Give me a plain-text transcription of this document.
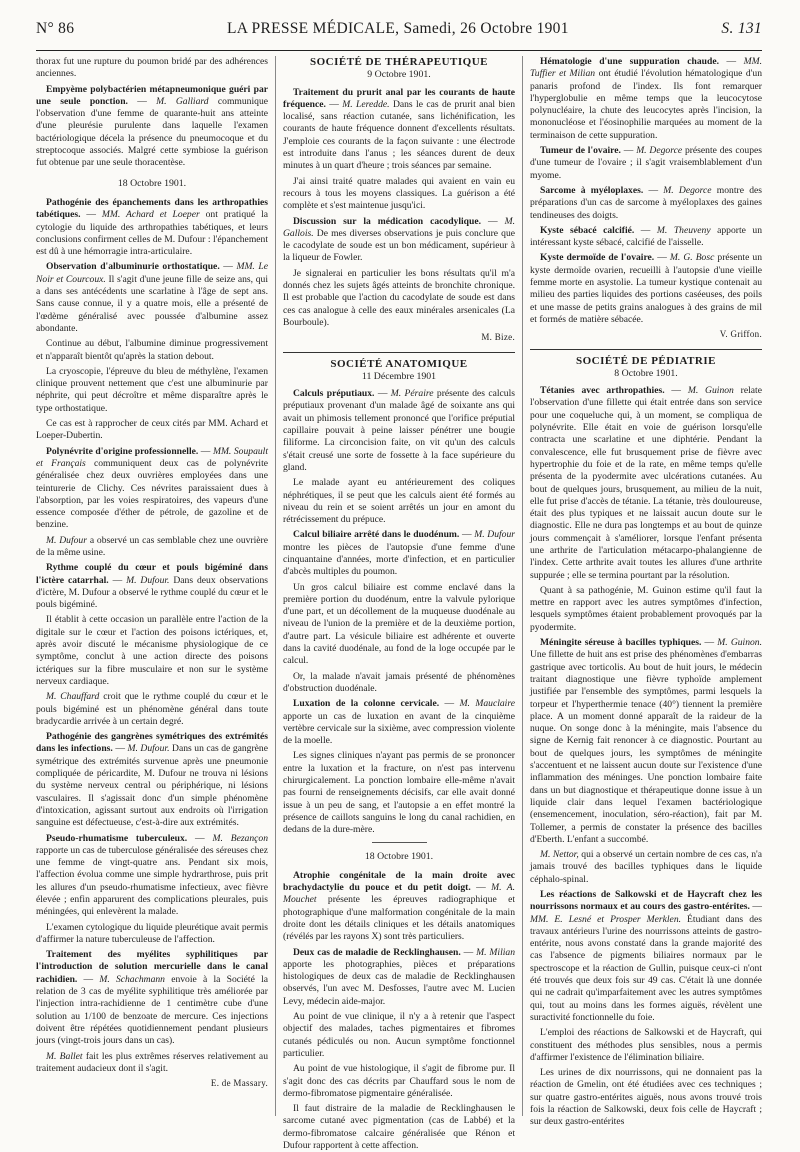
N° 86	LA PRESSE MÉDICALE, Samedi, 26 Octobre 1901	S. 131

thorax fut une rupture du poumon bridé par des adhérences anciennes.

Empyème polybactérien métapneumonique guéri par une seule ponction. — M. Galliard communique l'observation d'une femme de quarante-huit ans atteinte d'une pleurésie purulente dans laquelle l'examen bactériologique décela la présence du pneumocoque et du streptocoque associés. Malgré cette symbiose la guérison fut obtenue par une seule thoracentèse.

18 Octobre 1901.

Pathogénie des épanchements dans les arthropathies tabétiques. — MM. Achard et Loeper ont pratiqué la cytologie du liquide des arthropathies tabétiques, et leurs conclusions confirment celles de M. Dufour : l'épanchement est dû à une hémorragie intra-articulaire.

Observation d'albuminurie orthostatique. — MM. Le Noir et Courcoux. Il s'agit d'une jeune fille de seize ans, qui a dans ses antécédents une scarlatine à l'âge de sept ans. Sans cause connue, il y a quatre mois, elle a présenté de l'œdème généralisé avec poussée d'albumine assez abondante.

Continue au début, l'albumine diminue progressivement et n'apparaît bientôt qu'après la station debout.

La cryoscopie, l'épreuve du bleu de méthylène, l'examen clinique prouvent nettement que c'est une albuminurie par néphrite, qui peut décroître et même disparaître après le type orthostatique.

Ce cas est à rapprocher de ceux cités par MM. Achard et Loeper-Dubertin.

Polynévrite d'origine professionnelle. — MM. Soupault et Français communiquent deux cas de polynévrite généralisée chez deux ouvrières employées dans une teinturerie de Clichy. Ces névrites paraissaient dues à l'absorption, par les voies respiratoires, des vapeurs d'une essence composée d'éther de pétrole, de gazoline et de benzine.

M. Dufour a observé un cas semblable chez une ouvrière de la même usine.

Rythme couplé du cœur et pouls bigéminé dans l'ictère catarrhal. — M. Dufour. Dans deux observations d'ictère, M. Dufour a observé le rythme couplé du cœur et le pouls bigéminé.

Il établit à cette occasion un parallèle entre l'action de la digitale sur le cœur et l'action des poisons ictériques, et, après avoir discuté le mécanisme physiologique de ce symptôme, conclut à une action directe des poisons ictériques sur la fibre musculaire et non sur le système nerveux cardiaque.

M. Chauffard croit que le rythme couplé du cœur et le pouls bigéminé est un phénomène général dans toute bradycardie arrivée à un certain degré.

Pathogénie des gangrènes symétriques des extrémités dans les infections. — M. Dufour. Dans un cas de gangrène symétrique des extrémités survenue après une pneumonie compliquée de péricardite, M. Dufour ne trouva ni lésions du système nerveux central ou périphérique, ni lésions vasculaires. Il s'agissait donc d'un simple phénomène d'intoxication, agissant surtout aux endroits où l'irrigation sanguine est défectueuse, c'est-à-dire aux extrémités.

Pseudo-rhumatisme tuberculeux. — M. Bezançon rapporte un cas de tuberculose généralisée des séreuses chez une femme de vingt-quatre ans. Pendant six mois, l'affection évolua comme une simple hydrarthrose, puis prit les allures d'un pseudo-rhumatisme infectieux, avec fièvre élevée ; enfin apparurent des complications pleurales, puis méningées, qui enlevèrent la malade.

L'examen cytologique du liquide pleurétique avait permis d'affirmer la nature tuberculeuse de l'affection.

Traitement des myélites syphilitiques par l'introduction de solution mercurielle dans le canal rachidien. — M. Schachmann envoie à la Société la relation de 3 cas de myélite syphilitique très améliorée par l'injection intra-rachidienne de 1 centimètre cube d'une solution au 1/100 de benzoate de mercure. Ces injections doivent être répétées quotidiennement pendant plusieurs jours (vingt-trois jours dans un cas).

M. Ballet fait les plus extrêmes réserves relativement au traitement audacieux dont il s'agit.

E. de Massary.
SOCIÉTÉ DE THÉRAPEUTIQUE
9 Octobre 1901.

Traitement du prurit anal par les courants de haute fréquence. — M. Leredde. Dans le cas de prurit anal bien localisé, sans réaction cutanée, sans lichénification, les courants de haute fréquence donnent d'excellents résultats. J'emploie ces courants de la façon suivante : une électrode est introduite dans l'anus ; les séances durent de deux minutes à un quart d'heure ; trois séances par semaine.

J'ai ainsi traité quatre malades qui avaient en vain eu recours à tous les moyens classiques. La guérison a été complète et s'est maintenue jusqu'ici.

Discussion sur la médication cacodylique. — M. Gallois. De mes diverses observations je puis conclure que le cacodylate de soude est un bon médicament, supérieur à la liqueur de Fowler.

Je signalerai en particulier les bons résultats qu'il m'a donnés chez les sujets âgés atteints de bronchite chronique. Il est probable que l'action du cacodylate de soude est dans ces cas analogue à celle des eaux minérales arsenicales (La Bourboule).

M. Bize.
SOCIÉTÉ ANATOMIQUE
11 Décembre 1901

Calculs préputiaux. — M. Péraire présente des calculs préputiaux provenant d'un malade âgé de soixante ans qui avait un phimosis tellement prononcé que l'orifice préputial capillaire pouvait à peine laisser pénétrer une bougie filiforme. La circoncision faite, on vit qu'un des calculs s'était creusé une sorte de fossette à la face supérieure du gland.

Le malade ayant eu antérieurement des coliques néphrétiques, il se peut que les calculs aient été formés au niveau du rein et se soient arrêtés un jour en amont du rétrécissement du prépuce.

Calcul biliaire arrêté dans le duodénum. — M. Dufour montre les pièces de l'autopsie d'une femme d'une cinquantaine d'années, morte d'infection, et en particulier d'abcès multiples du poumon.

Un gros calcul biliaire est comme enclavé dans la première portion du duodénum, entre la valvule pylorique d'une part, et un décollement de la muqueuse duodénale au niveau de l'union de la première et de la deuxième portion, d'autre part. La vésicule biliaire est adhérente et ouverte dans la cavité duodénale, au fond de la loge occupée par le calcul.

Or, la malade n'avait jamais présenté de phénomènes d'obstruction duodénale.

Luxation de la colonne cervicale. — M. Mauclaire apporte un cas de luxation en avant de la cinquième vertèbre cervicale sur la sixième, avec compression violente de la moelle.

Les signes cliniques n'ayant pas permis de se prononcer entre la luxation et la fracture, on n'est pas intervenu chirurgicalement. La ponction lombaire elle-même n'avait pas fourni de renseignements décisifs, car elle avait donné issue à un peu de sang, et l'autopsie a en effet montré la présence de caillots sanguins le long du canal rachidien, en dedans de la dure-mère.

18 Octobre 1901.

Atrophie congénitale de la main droite avec brachydactylie du pouce et du petit doigt. — M. A. Mouchet présente les épreuves radiographique et photographique d'une malformation congénitale de la main droite dont les détails cliniques et les détails anatomiques (révélés par les rayons X) sont très particuliers.

Deux cas de maladie de Recklinghausen. — M. Milian apporte les photographies, pièces et préparations histologiques de deux cas de maladie de Recklinghausen observés, l'un avec M. Desfosses, l'autre avec M. Lucien Levy, médecin aide-major.

Au point de vue clinique, il n'y a à retenir que l'aspect objectif des malades, taches pigmentaires et fibromes cutanés pédiculés ou non. Aucun symptôme fonctionnel particulier.

Au point de vue histologique, il s'agit de fibrome pur. Il s'agit donc des cas décrits par Chauffard sous le nom de dermo-fibromatose pigmentaire généralisée.

Il faut distraire de la maladie de Recklinghausen le sarcome cutané avec pigmentation (cas de Labbé) et la dermo-fibromatose calcaire généralisée que Rénon et Dufour rapportent à cette affection.

Hématologie d'une suppuration chaude. — MM. Tuffier et Milian ont étudié l'évolution hématologique d'un panaris profond de l'index. Ils font remarquer l'hyperglobulie en même temps que la leucocytose polynucléaire, la chute des leucocytes après l'incision, la mononucléose et l'éosinophilie marquées au moment de la terminaison de cette suppuration.

Tumeur de l'ovaire. — M. Degorce présente des coupes d'une tumeur de l'ovaire ; il s'agit vraisemblablement d'un myome.

Sarcome à myéloplaxes. — M. Degorce montre des préparations d'un cas de sarcome à myéloplaxes des gaines tendineuses des doigts.

Kyste sébacé calcifié. — M. Theuveny apporte un intéressant kyste sébacé, calcifié de l'aisselle.

Kyste dermoïde de l'ovaire. — M. G. Bosc présente un kyste dermoïde ovarien, recueilli à l'autopsie d'une vieille femme morte en asystolie. La tumeur kystique contenait au milieu des parties liquides des portions caséeuses, des poils et une masse de petits grains analogues à des grains de mil et formés de matière sébacée.

V. Griffon.
SOCIÉTÉ DE PÉDIATRIE
8 Octobre 1901.

Tétanies avec arthropathies. — M. Guinon relate l'observation d'une fillette qui était entrée dans son service pour une coqueluche qui, à un moment, se compliqua de polynévrite. Elle était en voie de guérison lorsqu'elle contracta une scarlatine et une diphtérie. Pendant la convalescence, elle fut brusquement prise de fièvre avec hypertrophie du foie et de la rate, en même temps qu'elle présenta de la pyodermite avec ulcérations cutanées. Au bout de quelques jours, brusquement, au milieu de la nuit, elle fut prise d'accès de tétanie. La tétanie, très douloureuse, était des plus typiques et ne laissait aucun doute sur le diagnostic. Elle ne dura pas longtemps et au bout de quinze jours commençait à s'améliorer, lorsque l'enfant présenta une arthrite de l'articulation métacarpo-phalangienne de l'index. Cette arthrite avait toutes les allures d'une arthrite suppurée ; elle se termina pourtant par la résolution.

Quant à sa pathogénie, M. Guinon estime qu'il faut la mettre en rapport avec les autres symptômes d'infection, lesquels symptômes étaient probablement provoqués par la pyodermite.

Méningite séreuse à bacilles typhiques. — M. Guinon. Une fillette de huit ans est prise des phénomènes d'embarras gastrique avec torticolis. Au bout de huit jours, le médecin traitant diagnostique une fièvre typhoïde amplement justifiée par l'ensemble des symptômes, parmi lesquels la torpeur et l'hyperthermie tenace (40°) tiennent la première place. A un moment donné apparaît de la raideur de la nuque. On songe donc à la méningite, mais l'absence du signe de Kernig fait renoncer à ce diagnostic. Pourtant au bout de quelques jours, les symptômes de méningite s'accentuent et ne laissent aucun doute sur l'existence d'une inflammation des méninges. Une ponction lombaire faite dans un but diagnostique et thérapeutique donne issue à un liquide clair dans lequel l'examen bactériologique (ensemencement, inoculation, séro-réaction), fait par M. Tollemer, a permis de constater la présence des bacilles d'Eberth. L'enfant a succombé.

M. Nettor, qui a observé un certain nombre de ces cas, n'a jamais trouvé des bacilles typhiques dans le liquide céphalo-spinal.

Les réactions de Salkowski et de Haycraft chez les nourrissons normaux et au cours des gastro-entérites. — MM. E. Lesné et Prosper Merklen. Étudiant dans des travaux antérieurs l'urine des nourrissons atteints de gastro-entérite, nous avons constaté dans la grande majorité des cas l'absence de pigments biliaires normaux par le spectroscope et la réaction de Gullin, puisque ceux-ci n'ont été trouvés que deux fois sur 49 cas. C'était là une donnée qui ne cadrait qu'imparfaitement avec les autres symptômes qui, tout au moins dans les formes aiguës, révèlent une suractivité fonctionnelle du foie.

L'emploi des réactions de Salkowski et de Haycraft, qui constituent des méthodes plus sensibles, nous a permis d'affirmer l'existence de l'élimination biliaire.

Les urines de dix nourrissons, qui ne donnaient pas la réaction de Gmelin, ont été étudiées avec ces techniques ; sur quatre gastro-entérites aiguës, nous avons trouvé trois fois la réaction de Salkowski, deux fois celle de Haycraft ; sur deux gastro-entérites
